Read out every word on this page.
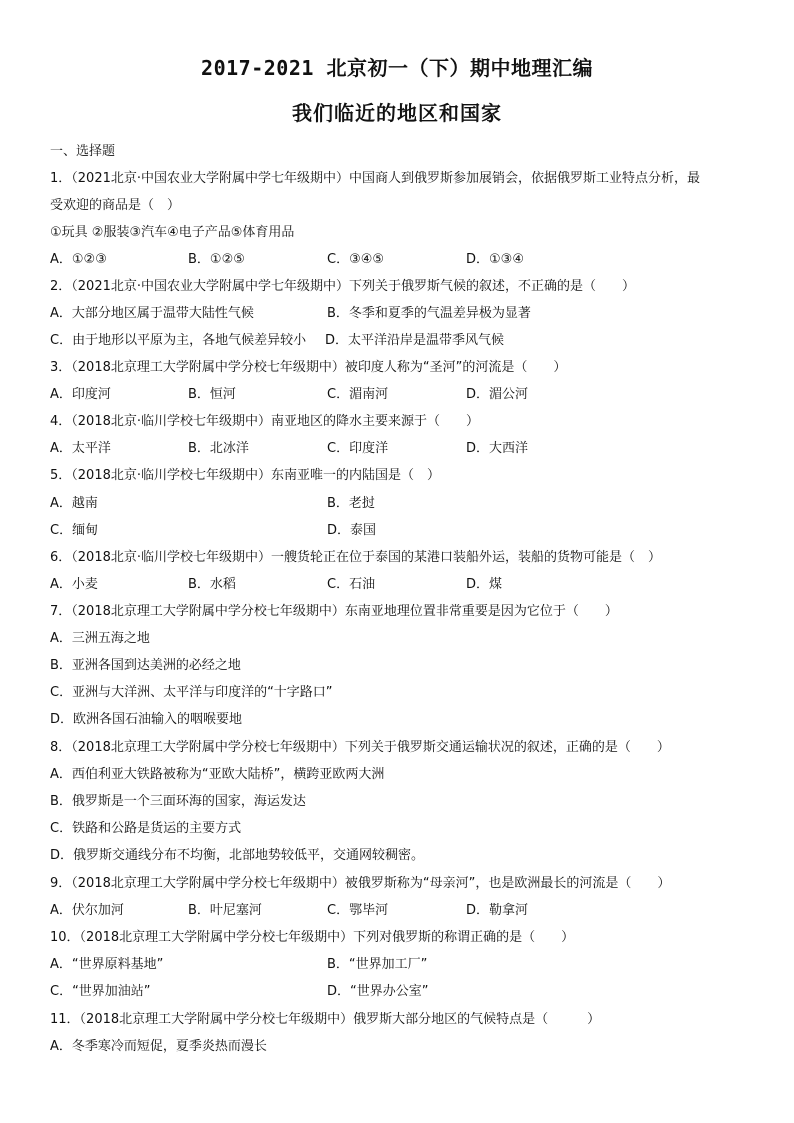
2017-2021 北京初一（下）期中地理汇编
我们临近的地区和国家
一、选择题
1．（2021北京·中国农业大学附属中学七年级期中）中国商人到俄罗斯参加展销会，依据俄罗斯工业特点分析，最
受欢迎的商品是（　）
①玩具 ②服装③汽车④电子产品⑤体育用品
A．①②③	B．①②⑤	C．③④⑤	D．①③④
2．（2021北京·中国农业大学附属中学七年级期中）下列关于俄罗斯气候的叙述，不正确的是（　　）
A．大部分地区属于温带大陆性气候	B．冬季和夏季的气温差异极为显著
C．由于地形以平原为主，各地气候差异较小 D．太平洋沿岸是温带季风气候
3．（2018北京理工大学附属中学分校七年级期中）被印度人称为“圣河”的河流是（　　）
A．印度河	B．恒河	C．湄南河	D．湄公河
4．（2018北京·临川学校七年级期中）南亚地区的降水主要来源于（　　）
A．太平洋	B．北冰洋	C．印度洋	D．大西洋
5．（2018北京·临川学校七年级期中）东南亚唯一的内陆国是（　）
A．越南	B．老挝
C．缅甸	D．泰国
6．（2018北京·临川学校七年级期中）一艘货轮正在位于泰国的某港口装船外运，装船的货物可能是（　）
A．小麦	B．水稻	C．石油	D．煤
7．（2018北京理工大学附属中学分校七年级期中）东南亚地理位置非常重要是因为它位于（　　）
A．三洲五海之地
B．亚洲各国到达美洲的必经之地
C．亚洲与大洋洲、太平洋与印度洋的“十字路口”
D．欧洲各国石油输入的咽喉要地
8．（2018北京理工大学附属中学分校七年级期中）下列关于俄罗斯交通运输状况的叙述，正确的是（　　）
A．西伯利亚大铁路被称为“亚欧大陆桥”，横跨亚欧两大洲
B．俄罗斯是一个三面环海的国家，海运发达
C．铁路和公路是货运的主要方式
D．俄罗斯交通线分布不均衡，北部地势较低平，交通网较稠密。
9．（2018北京理工大学附属中学分校七年级期中）被俄罗斯称为“母亲河”，也是欧洲最长的河流是（　　）
A．伏尔加河	B．叶尼塞河	C．鄂毕河	D．勒拿河
10．（2018北京理工大学附属中学分校七年级期中）下列对俄罗斯的称谓正确的是（　　）
A．“世界原料基地”	B．“世界加工厂”
C．“世界加油站”	D．“世界办公室”
11．（2018北京理工大学附属中学分校七年级期中）俄罗斯大部分地区的气候特点是（　　　）
A．冬季寒冷而短促，夏季炎热而漫长
